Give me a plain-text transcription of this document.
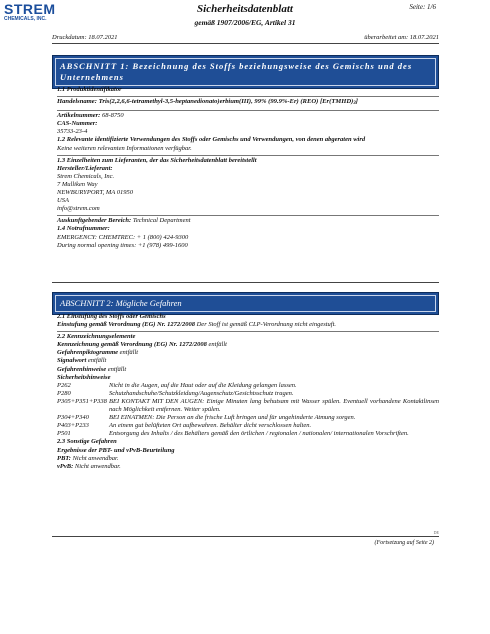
STREM
CHEMICALS, INC.
Sicherheitsdatenblatt
gemäß 1907/2006/EG, Artikel 31
Seite: 1/6
Druckdatum: 18.07.2021	überarbeitet am: 18.07.2021
ABSCHNITT 1: Bezeichnung des Stoffs beziehungsweise des Gemischs und des Unternehmens
1.1 Produktidentifikator
Handelsname: Tris(2,2,6,6-tetramethyl-3,5-heptanedionato)erbium(III), 99% (99.9%-Er) (REO) [Er(TMHD)3]
Artikelnummer: 68-8750
CAS-Nummer:
35733-23-4
1.2 Relevante identifizierte Verwendungen des Stoffs oder Gemischs und Verwendungen, von denen abgeraten wird
Keine weiteren relevanten Informationen verfügbar.
1.3 Einzelheiten zum Lieferanten, der das Sicherheitsdatenblatt bereitstellt
Hersteller/Lieferant:
Strem Chemicals, Inc.
7 Mulliken Way
NEWBURYPORT, MA 01950
USA
info@strem.com
Auskunftgebender Bereich: Technical Department
1.4 Notrufnummer:
EMERGENCY: CHEMTREC: + 1 (800) 424-9300
During normal opening times: +1 (978) 499-1600
ABSCHNITT 2: Mögliche Gefahren
2.1 Einstufung des Stoffs oder Gemischs
Einstufung gemäß Verordnung (EG) Nr. 1272/2008 Der Stoff ist gemäß CLP-Verordnung nicht eingestuft.
2.2 Kennzeichnungselemente
Kennzeichnung gemäß Verordnung (EG) Nr. 1272/2008 entfällt
Gefahrenpiktogramme entfällt
Signalwort entfällt
Gefahrenhinweise entfällt
Sicherheitshinweise
P262	Nicht in die Augen, auf die Haut oder auf die Kleidung gelangen lassen.
P280	Schutzhandschuhe/Schutzkleidung/Augenschutz/Gesichtsschutz tragen.
P305+P351+P338 BEI KONTAKT MIT DEN AUGEN: Einige Minuten lang behutsam mit Wasser spülen. Eventuell vorhandene Kontaktlinsen nach Möglichkeit entfernen. Weiter spülen.
P304+P340	BEI EINATMEN: Die Person an die frische Luft bringen und für ungehinderte Atmung sorgen.
P403+P233	An einem gut belüfteten Ort aufbewahren. Behälter dicht verschlossen halten.
P501	Entsorgung des Inhalts / des Behälters gemäß den örtlichen / regionalen / nationalen/ internationalen Vorschriften.
2.3 Sonstige Gefahren
Ergebnisse der PBT- und vPvB-Beurteilung
PBT: Nicht anwendbar.
vPvB: Nicht anwendbar.
DE
(Fortsetzung auf Seite 2)
